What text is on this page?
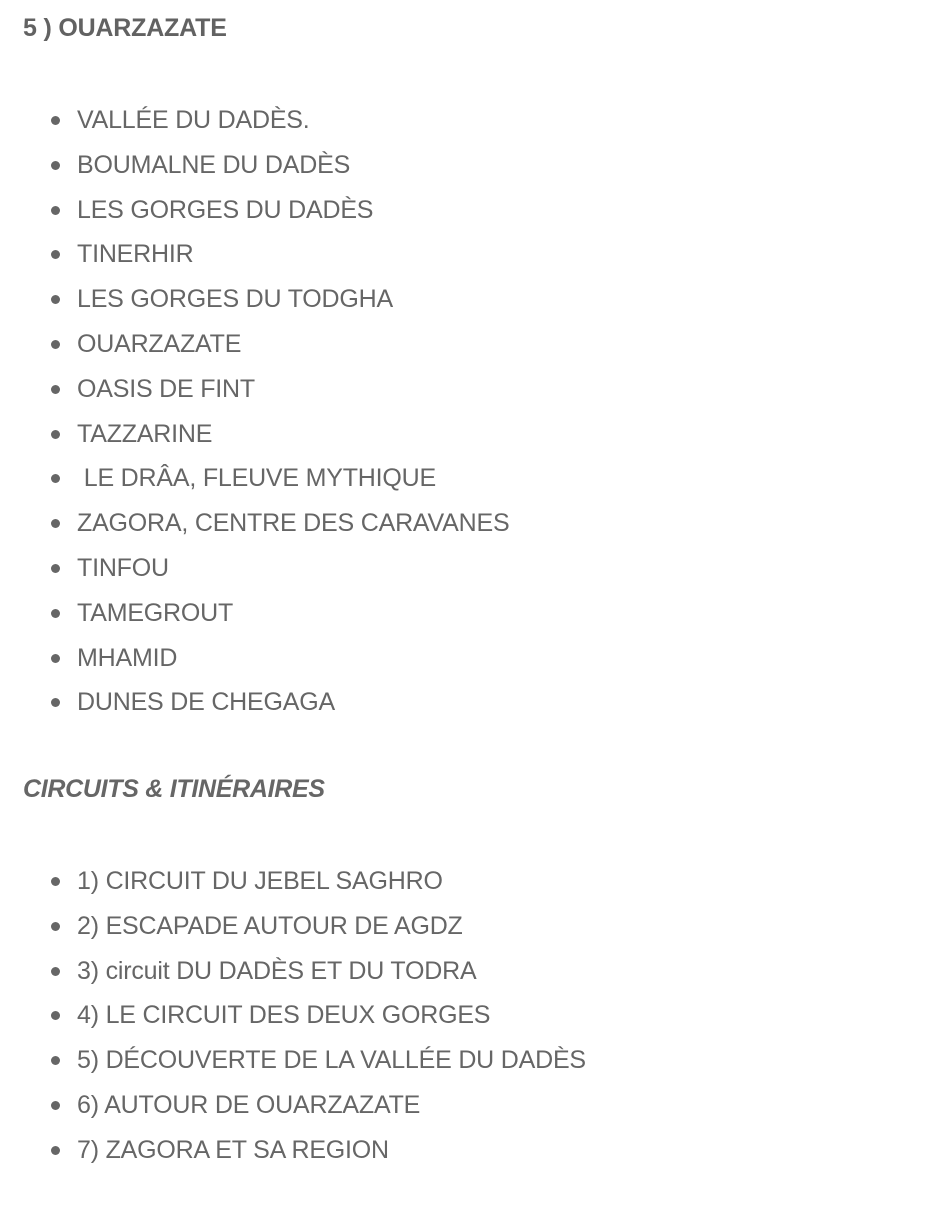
5 ) OUARZAZATE
VALLÉE DU DADÈS.
BOUMALNE DU DADÈS
LES GORGES DU DADÈS
TINERHIR
LES GORGES DU TODGHA
OUARZAZATE
OASIS DE FINT
TAZZARINE
LE DRÂA, FLEUVE MYTHIQUE
ZAGORA, CENTRE DES CARAVANES
TINFOU
TAMEGROUT
MHAMID
DUNES DE CHEGAGA
CIRCUITS & ITINÉRAIRES
1) CIRCUIT DU JEBEL SAGHRO
2) ESCAPADE AUTOUR DE AGDZ
3) circuit DU DADÈS ET DU TODRA
4) LE CIRCUIT DES DEUX GORGES
5) DÉCOUVERTE DE LA VALLÉE DU DADÈS
6) AUTOUR DE OUARZAZATE
7) ZAGORA ET SA REGION
